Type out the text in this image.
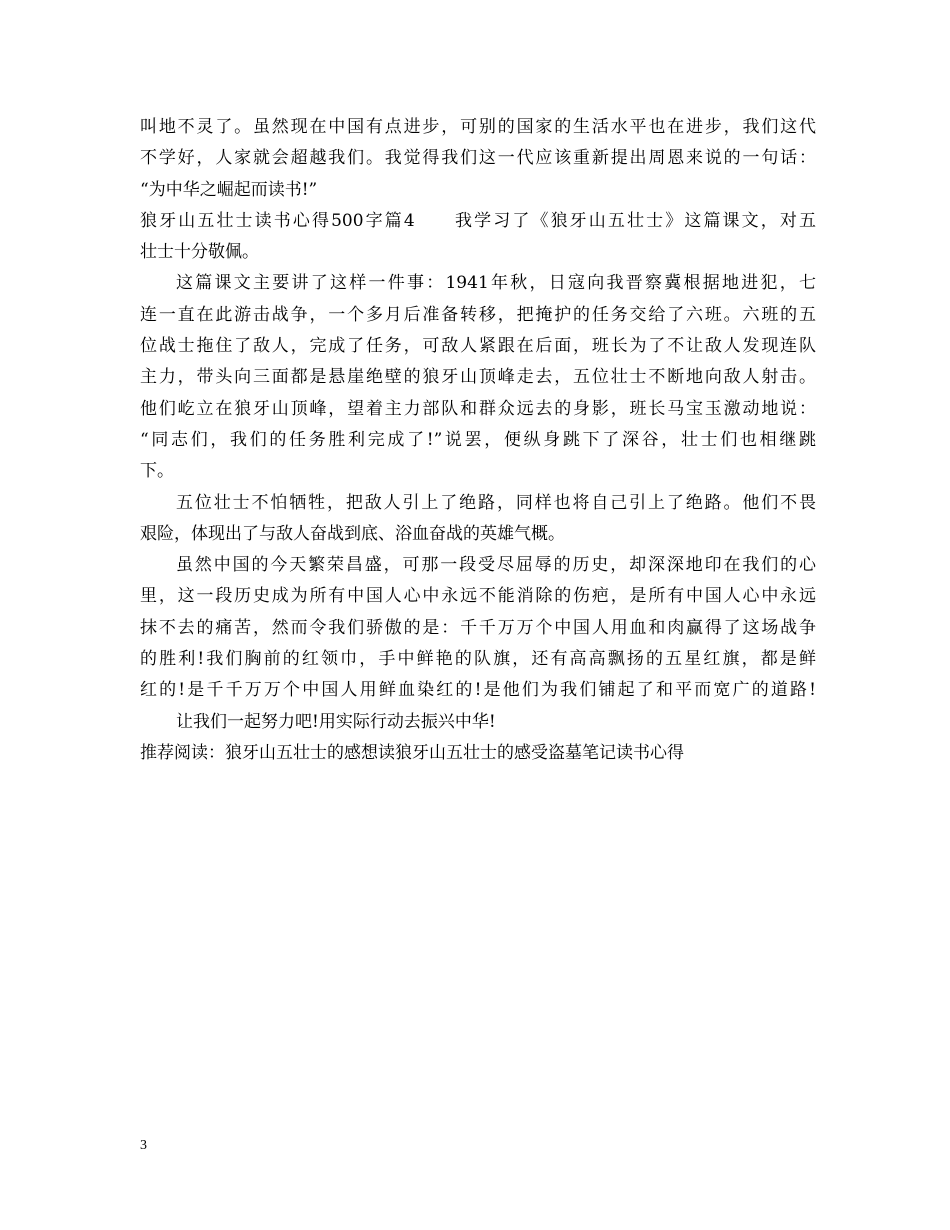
叫地不灵了。虽然现在中国有点进步，可别的国家的生活水平也在进步，我们这代
不学好，人家就会超越我们。我觉得我们这一代应该重新提出周恩来说的一句话：
“为中华之崛起而读书!”
狼牙山五壮士读书心得500字篇4　　我学习了《狼牙山五壮士》这篇课文，对五
壮士十分敬佩。
这篇课文主要讲了这样一件事：1941年秋，日寇向我晋察冀根据地进犯，七
连一直在此游击战争，一个多月后准备转移，把掩护的任务交给了六班。六班的五
位战士拖住了敌人，完成了任务，可敌人紧跟在后面，班长为了不让敌人发现连队
主力，带头向三面都是悬崖绝壁的狼牙山顶峰走去，五位壮士不断地向敌人射击。
他们屹立在狼牙山顶峰，望着主力部队和群众远去的身影，班长马宝玉激动地说：
“同志们，我们的任务胜利完成了!”说罢，便纵身跳下了深谷，壮士们也相继跳
下。
五位壮士不怕牺牲，把敌人引上了绝路，同样也将自己引上了绝路。他们不畏
艰险，体现出了与敌人奋战到底、浴血奋战的英雄气概。
虽然中国的今天繁荣昌盛，可那一段受尽屈辱的历史，却深深地印在我们的心
里，这一段历史成为所有中国人心中永远不能消除的伤疤，是所有中国人心中永远
抹不去的痛苦，然而令我们骄傲的是：千千万万个中国人用血和肉赢得了这场战争
的胜利!我们胸前的红领巾，手中鲜艳的队旗，还有高高飘扬的五星红旗，都是鲜
红的!是千千万万个中国人用鲜血染红的!是他们为我们铺起了和平而宽广的道路!
让我们一起努力吧!用实际行动去振兴中华!
推荐阅读：狼牙山五壮士的感想读狼牙山五壮士的感受盗墓笔记读书心得
3
